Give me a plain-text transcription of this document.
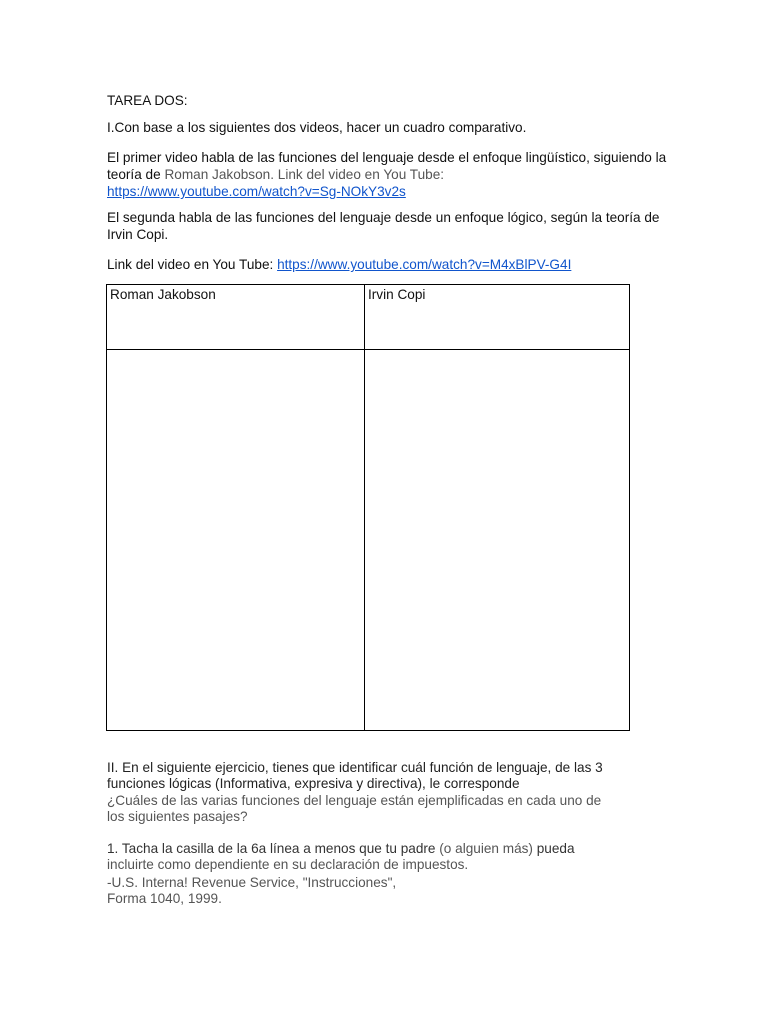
TAREA DOS:

I.Con base a los siguientes dos videos, hacer un cuadro comparativo.

El primer video habla de las funciones del lenguaje desde el enfoque lingüístico, siguiendo la teoría de Roman Jakobson. Link del video en You Tube:
https://www.youtube.com/watch?v=Sg-NOkY3v2s

El segunda habla de las funciones del lenguaje desde un enfoque lógico, según la teoría de Irvin Copi.

Link del video en You Tube: https://www.youtube.com/watch?v=M4xBlPV-G4I

Roman Jakobson	Irvin Copi

II. En el siguiente ejercicio, tienes que identificar cuál función de lenguaje, de las 3 funciones lógicas (Informativa, expresiva y directiva), le corresponde

¿Cuáles de las varias funciones del lenguaje están ejemplificadas en cada uno de los siguientes pasajes?

1. Tacha la casilla de la 6a línea a menos que tu padre (o alguien más) pueda

incluirte como dependiente en su declaración de impuestos.

-U.S. Interna! Revenue Service, "Instrucciones",

Forma 1040, 1999.
